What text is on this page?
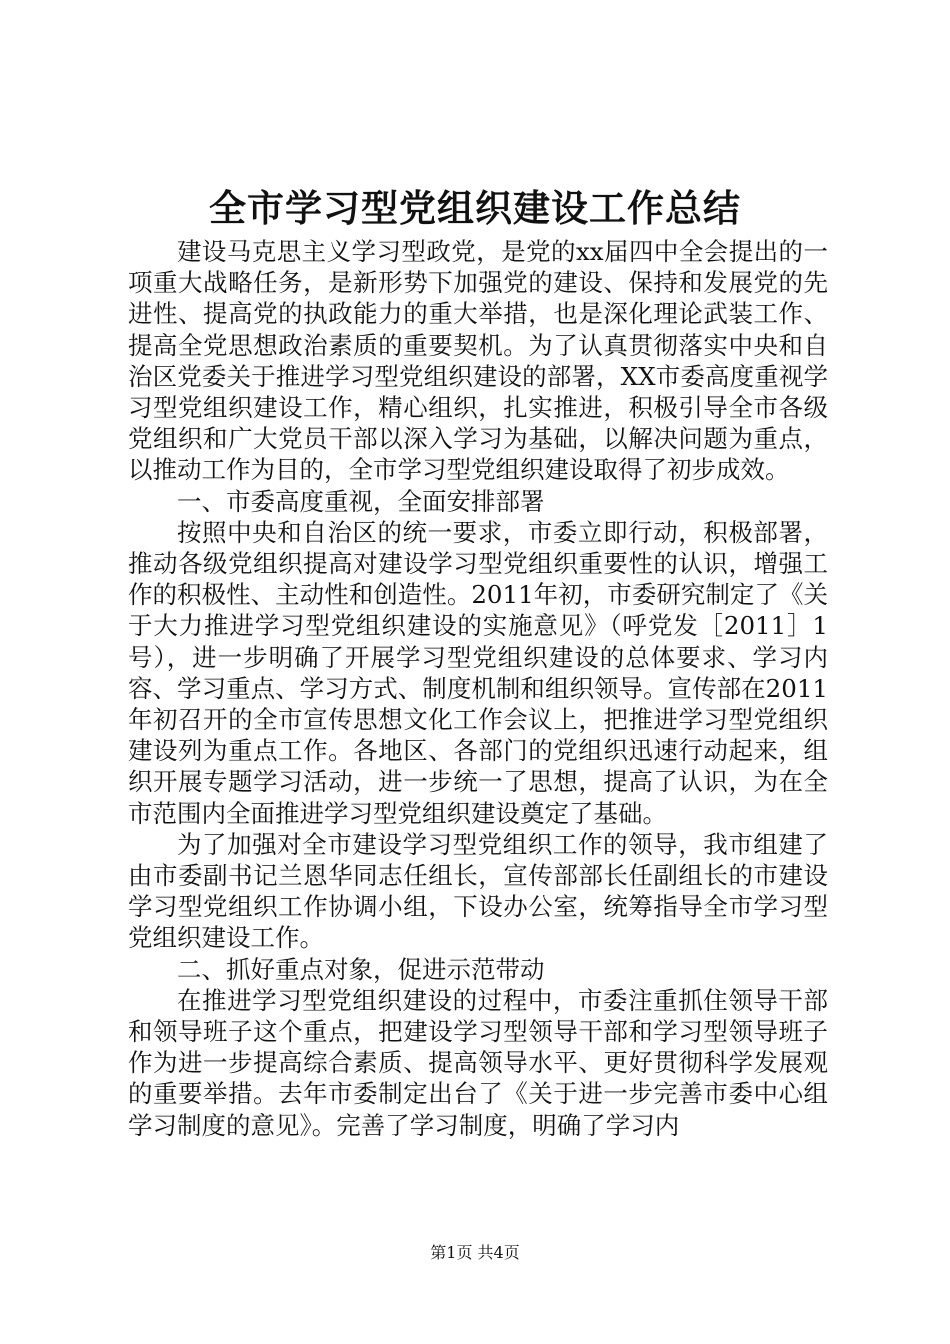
全市学习型党组织建设工作总结

建设马克思主义学习型政党，是党的xx届四中全会提出的一项重大战略任务，是新形势下加强党的建设、保持和发展党的先进性、提高党的执政能力的重大举措，也是深化理论武装工作、提高全党思想政治素质的重要契机。为了认真贯彻落实中央和自治区党委关于推进学习型党组织建设的部署，XX市委高度重视学习型党组织建设工作，精心组织，扎实推进，积极引导全市各级党组织和广大党员干部以深入学习为基础，以解决问题为重点，以推动工作为目的，全市学习型党组织建设取得了初步成效。

一、市委高度重视，全面安排部署

按照中央和自治区的统一要求，市委立即行动，积极部署，推动各级党组织提高对建设学习型党组织重要性的认识，增强工作的积极性、主动性和创造性。2011年初，市委研究制定了《关于大力推进学习型党组织建设的实施意见》（呼党发［2011］1号），进一步明确了开展学习型党组织建设的总体要求、学习内容、学习重点、学习方式、制度机制和组织领导。宣传部在2011年初召开的全市宣传思想文化工作会议上，把推进学习型党组织建设列为重点工作。各地区、各部门的党组织迅速行动起来，组织开展专题学习活动，进一步统一了思想，提高了认识，为在全市范围内全面推进学习型党组织建设奠定了基础。

为了加强对全市建设学习型党组织工作的领导，我市组建了由市委副书记兰恩华同志任组长，宣传部部长任副组长的市建设学习型党组织工作协调小组，下设办公室，统筹指导全市学习型党组织建设工作。

二、抓好重点对象，促进示范带动

在推进学习型党组织建设的过程中，市委注重抓住领导干部和领导班子这个重点，把建设学习型领导干部和学习型领导班子作为进一步提高综合素质、提高领导水平、更好贯彻科学发展观的重要举措。去年市委制定出台了《关于进一步完善市委中心组学习制度的意见》。完善了学习制度，明确了学习内

第1页 共4页
